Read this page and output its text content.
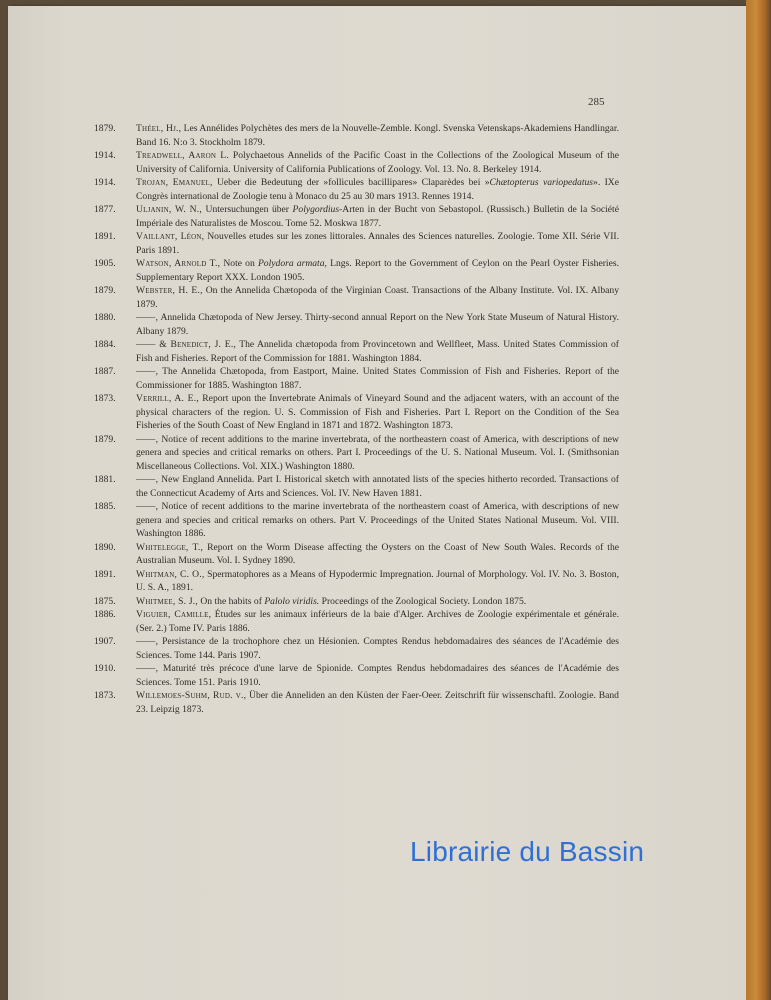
285
1879.	Théel, Hj., Les Annélides Polychètes des mers de la Nouvelle-Zemble. Kongl. Svenska Vetenskaps-Akademiens Handlingar. Band 16. N:o 3. Stockholm 1879.
1914.	Treadwell, Aaron L. Polychaetous Annelids of the Pacific Coast in the Collections of the Zoological Museum of the University of California. University of California Publications of Zoology. Vol. 13. No. 8. Berkeley 1914.
1914.	Trojan, Emanuel, Ueber die Bedeutung der »follicules bacillipares» Claparèdes bei »Chætopterus variopedatus». IXe Congrès international de Zoologie tenu à Monaco du 25 au 30 mars 1913. Rennes 1914.
1877.	Uljanin, W. N., Untersuchungen über Polygordius-Arten in der Bucht von Sebastopol. (Russisch.) Bulletin de la Société Impériale des Naturalistes de Moscou. Tome 52. Moskwa 1877.
1891.	Vaillant, Léon, Nouvelles etudes sur les zones littorales. Annales des Sciences naturelles. Zoologie. Tome XII. Série VII. Paris 1891.
1905.	Watson, Arnold T., Note on Polydora armata, Lngs. Report to the Government of Ceylon on the Pearl Oyster Fisheries. Supplementary Report XXX. London 1905.
1879.	Webster, H. E., On the Annelida Chætopoda of the Virginian Coast. Transactions of the Albany Institute. Vol. IX. Albany 1879.
1880.	——, Annelida Chætopoda of New Jersey. Thirty-second annual Report on the New York State Museum of Natural History. Albany 1879.
1884.	—— & Benedict, J. E., The Annelida chætopoda from Provincetown and Wellfleet, Mass. United States Commission of Fish and Fisheries. Report of the Commission for 1881. Washington 1884.
1887.	——, The Annelida Chætopoda, from Eastport, Maine. United States Commission of Fish and Fisheries. Report of the Commissioner for 1885. Washington 1887.
1873.	Verrill, A. E., Report upon the Invertebrate Animals of Vineyard Sound and the adjacent waters, with an account of the physical characters of the region. U. S. Commission of Fish and Fisheries. Part I. Report on the Condition of the Sea Fisheries of the South Coast of New England in 1871 and 1872. Washington 1873.
1879.	——, Notice of recent additions to the marine invertebrata, of the northeastern coast of America, with descriptions of new genera and species and critical remarks on others. Part I. Proceedings of the U. S. National Museum. Vol. I. (Smithsonian Miscellaneous Collections. Vol. XIX.) Washington 1880.
1881.	——, New England Annelida. Part I. Historical sketch with annotated lists of the species hitherto recorded. Transactions of the Connecticut Academy of Arts and Sciences. Vol. IV. New Haven 1881.
1885.	——, Notice of recent additions to the marine invertebrata of the northeastern coast of America, with descriptions of new genera and species and critical remarks on others. Part V. Proceedings of the United States National Museum. Vol. VIII. Washington 1886.
1890.	Whitelegge, T., Report on the Worm Disease affecting the Oysters on the Coast of New South Wales. Records of the Australian Museum. Vol. I. Sydney 1890.
1891.	Whitman, C. O., Spermatophores as a Means of Hypodermic Impregnation. Journal of Morphology. Vol. IV. No. 3. Boston, U. S. A., 1891.
1875.	Whitmee, S. J., On the habits of Palolo viridis. Proceedings of the Zoological Society. London 1875.
1886.	Viguier, Camille, Études sur les animaux inférieurs de la baie d'Alger. Archives de Zoologie expérimentale et générale. (Ser. 2.) Tome IV. Paris 1886.
1907.	——, Persistance de la trochophore chez un Hésionien. Comptes Rendus hebdomadaires des séances de l'Académie des Sciences. Tome 144. Paris 1907.
1910.	——, Maturité très précoce d'une larve de Spionide. Comptes Rendus hebdomadaires des séances de l'Académie des Sciences. Tome 151. Paris 1910.
1873.	Willemoes-Suhm, Rud. v., Über die Anneliden an den Küsten der Faer-Oeer. Zeitschrift für wissenschaftl. Zoologie. Band 23. Leipzig 1873.
Librairie du Bassin
